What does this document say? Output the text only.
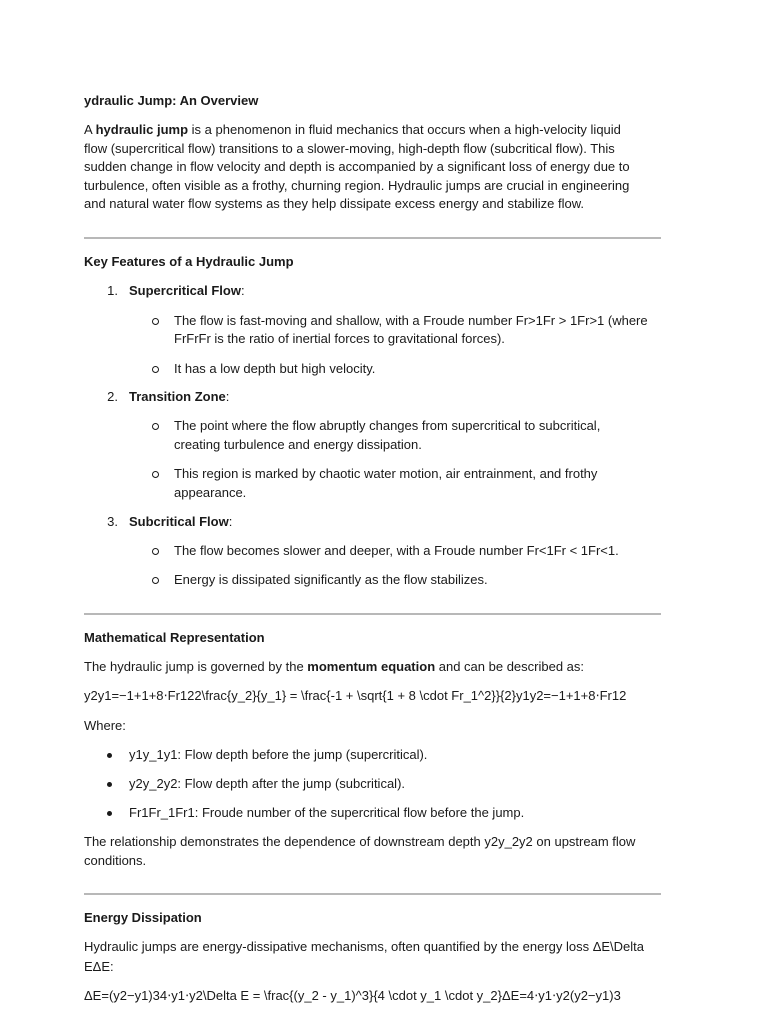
ydraulic Jump: An Overview
A hydraulic jump is a phenomenon in fluid mechanics that occurs when a high-velocity liquid
flow (supercritical flow) transitions to a slower-moving, high-depth flow (subcritical flow). This
sudden change in flow velocity and depth is accompanied by a significant loss of energy due to
turbulence, often visible as a frothy, churning region. Hydraulic jumps are crucial in engineering
and natural water flow systems as they help dissipate excess energy and stabilize flow.
Key Features of a Hydraulic Jump
1. Supercritical Flow:
The flow is fast-moving and shallow, with a Froude number Fr>1Fr > 1Fr>1 (where
FrFrFr is the ratio of inertial forces to gravitational forces).
It has a low depth but high velocity.
2. Transition Zone:
The point where the flow abruptly changes from supercritical to subcritical,
creating turbulence and energy dissipation.
This region is marked by chaotic water motion, air entrainment, and frothy
appearance.
3. Subcritical Flow:
The flow becomes slower and deeper, with a Froude number Fr<1Fr < 1Fr<1.
Energy is dissipated significantly as the flow stabilizes.
Mathematical Representation
The hydraulic jump is governed by the momentum equation and can be described as:
y2y1=−1+1+8⋅Fr122\frac{y_2}{y_1} = \frac{-1 + \sqrt{1 + 8 \cdot Fr_1^2}}{2}y1y2=−1+1+8⋅Fr12
Where:
y1y_1y1: Flow depth before the jump (supercritical).
y2y_2y2: Flow depth after the jump (subcritical).
Fr1Fr_1Fr1: Froude number of the supercritical flow before the jump.
The relationship demonstrates the dependence of downstream depth y2y_2y2 on upstream flow
conditions.
Energy Dissipation
Hydraulic jumps are energy-dissipative mechanisms, often quantified by the energy loss ΔE\Delta
EΔE:
ΔE=(y2−y1)34⋅y1⋅y2\Delta E = \frac{(y_2 - y_1)^3}{4 \cdot y_1 \cdot y_2}ΔE=4⋅y1⋅y2(y2−y1)3
